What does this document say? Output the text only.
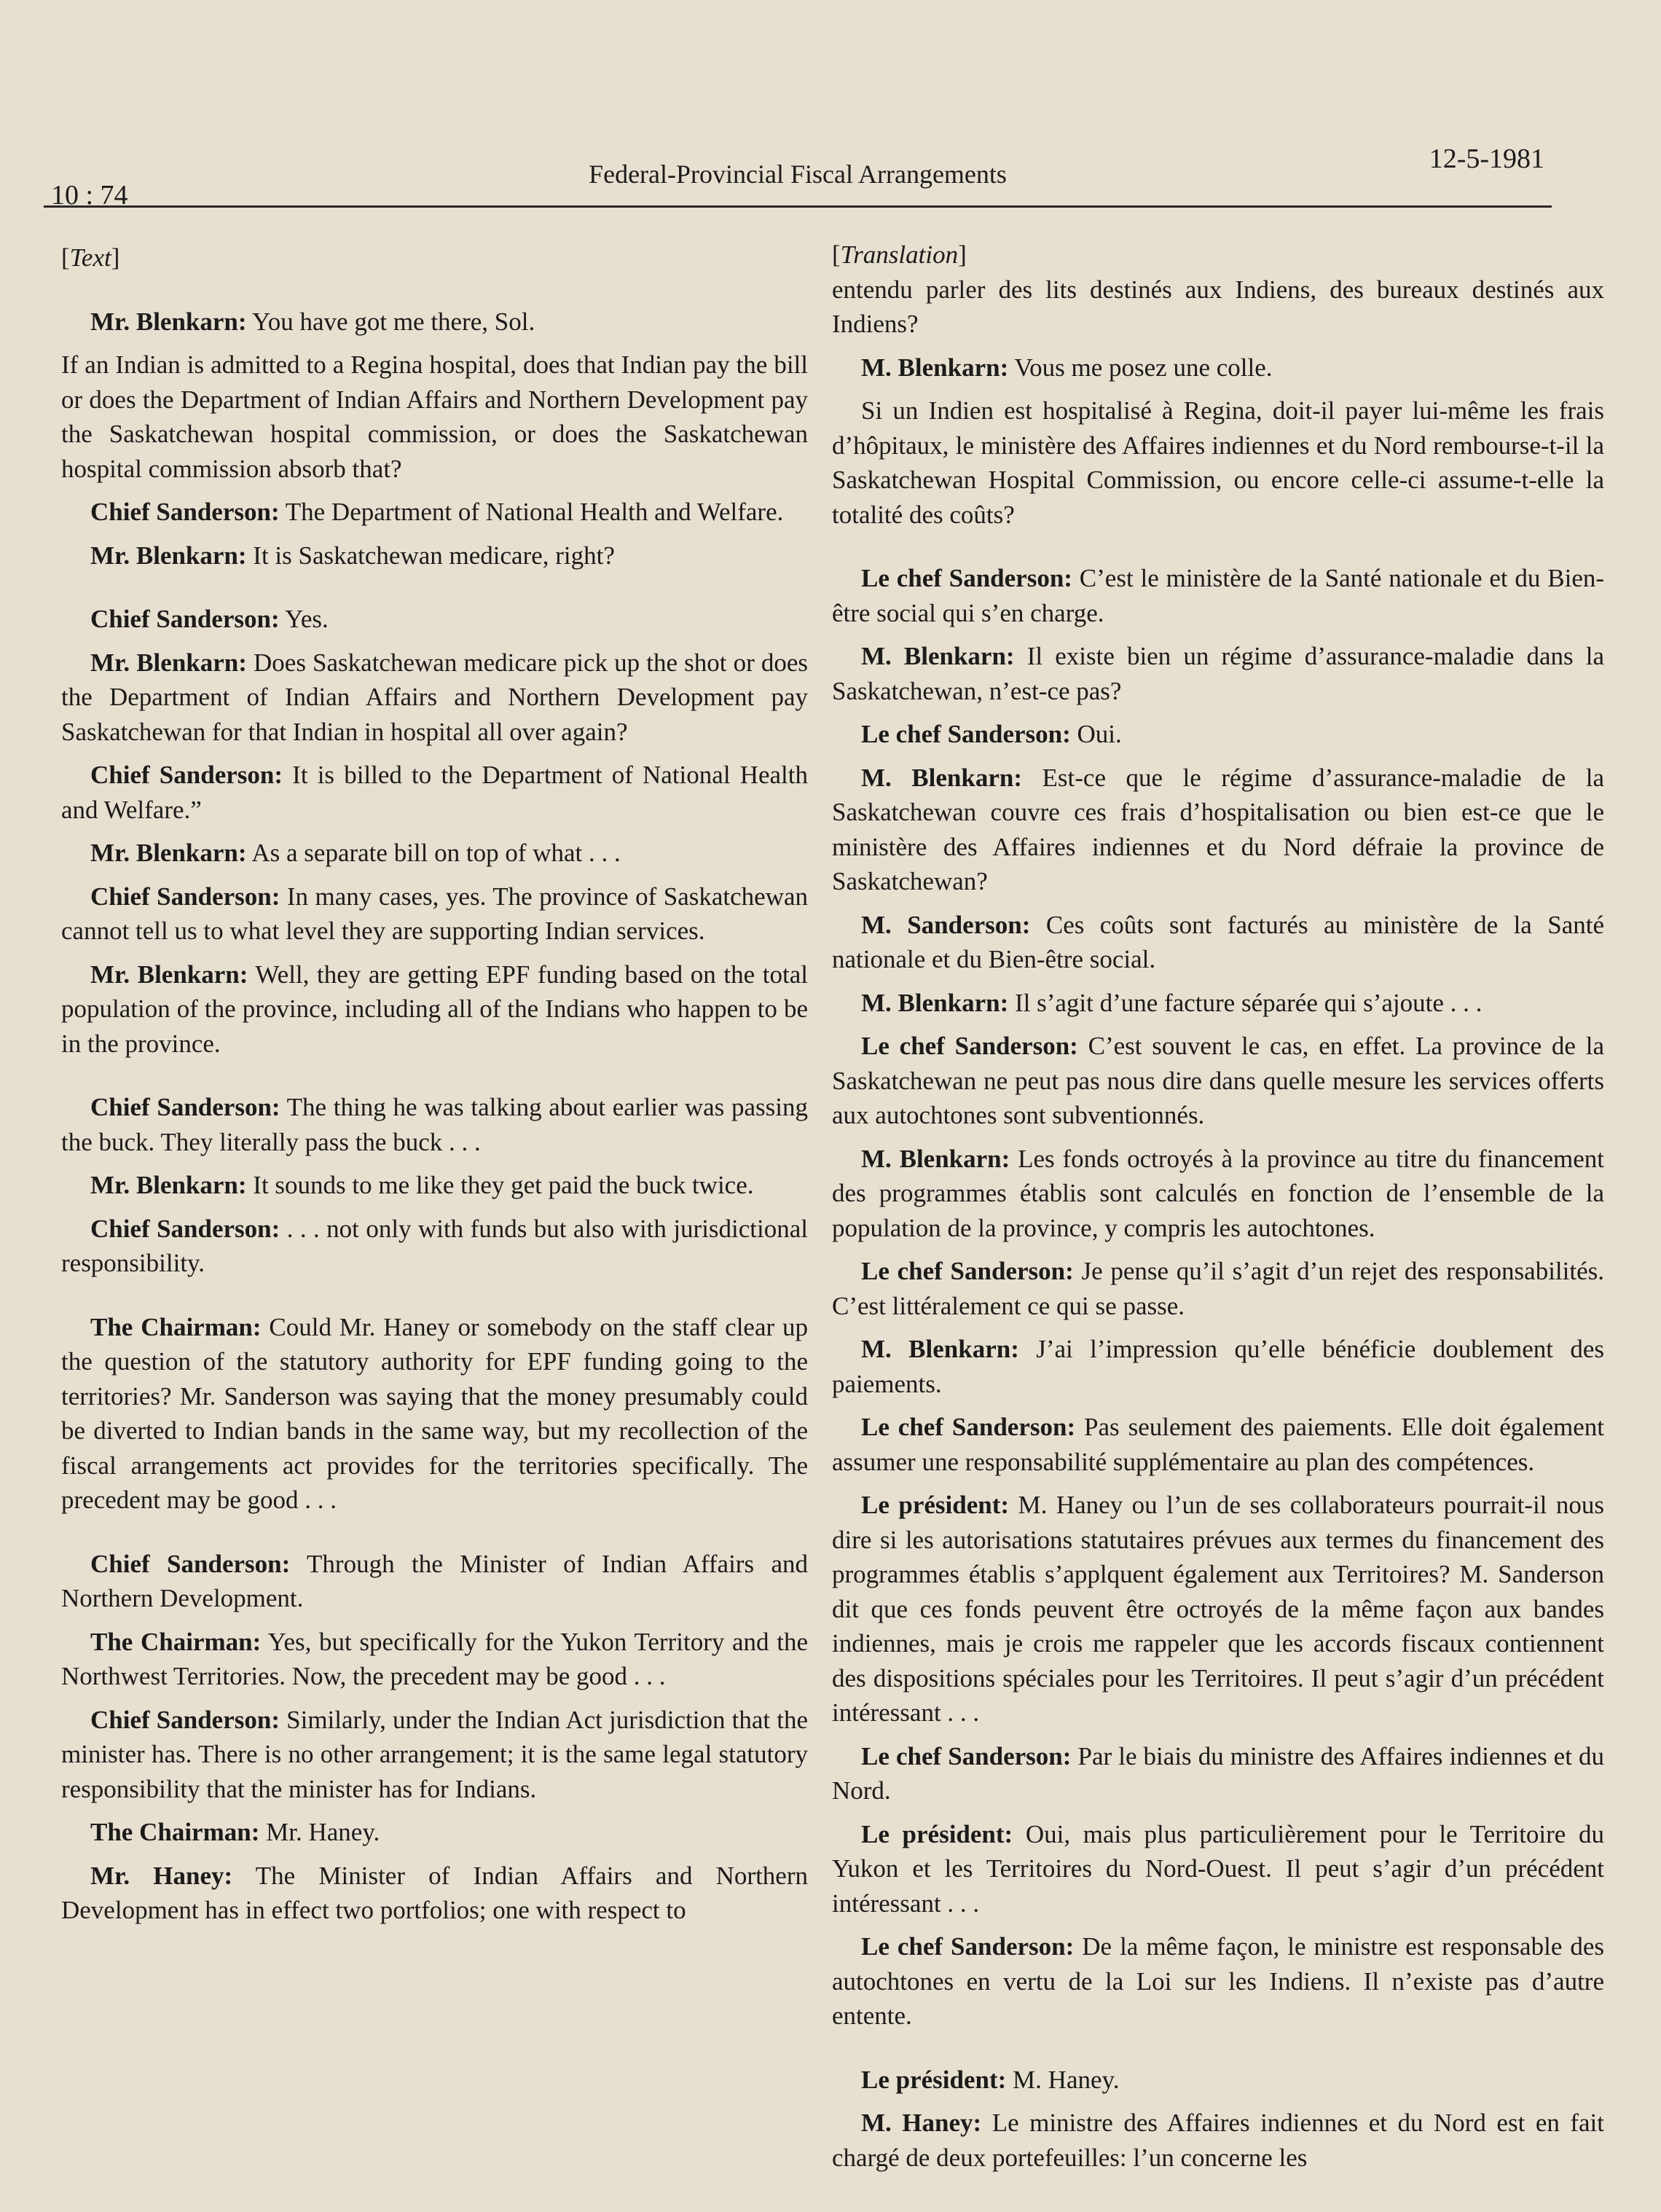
10 : 74
Federal-Provincial Fiscal Arrangements	12-5-1981
[Text]

Mr. Blenkarn: You have got me there, Sol.

If an Indian is admitted to a Regina hospital, does that Indian pay the bill or does the Department of Indian Affairs and Northern Development pay the Saskatchewan hospital commission, or does the Saskatchewan hospital commission absorb that?

Chief Sanderson: The Department of National Health and Welfare.

Mr. Blenkarn: It is Saskatchewan medicare, right?

Chief Sanderson: Yes.

Mr. Blenkarn: Does Saskatchewan medicare pick up the shot or does the Department of Indian Affairs and Northern Development pay Saskatchewan for that Indian in hospital all over again?

Chief Sanderson: It is billed to the Department of National Health and Welfare.”

Mr. Blenkarn: As a separate bill on top of what . . .

Chief Sanderson: In many cases, yes. The province of Saskatchewan cannot tell us to what level they are supporting Indian services.

Mr. Blenkarn: Well, they are getting EPF funding based on the total population of the province, including all of the Indians who happen to be in the province.

Chief Sanderson: The thing he was talking about earlier was passing the buck. They literally pass the buck . . .

Mr. Blenkarn: It sounds to me like they get paid the buck twice.

Chief Sanderson: . . . not only with funds but also with jurisdictional responsibility.

The Chairman: Could Mr. Haney or somebody on the staff clear up the question of the statutory authority for EPF funding going to the territories? Mr. Sanderson was saying that the money presumably could be diverted to Indian bands in the same way, but my recollection of the fiscal arrangements act provides for the territories specifically. The precedent may be good . . .

Chief Sanderson: Through the Minister of Indian Affairs and Northern Development.

The Chairman: Yes, but specifically for the Yukon Territory and the Northwest Territories. Now, the precedent may be good . . .

Chief Sanderson: Similarly, under the Indian Act jurisdiction that the minister has. There is no other arrangement; it is the same legal statutory responsibility that the minister has for Indians.

The Chairman: Mr. Haney.

Mr. Haney: The Minister of Indian Affairs and Northern Development has in effect two portfolios; one with respect to

[Translation]

entendu parler des lits destinés aux Indiens, des bureaux destinés aux Indiens?

M. Blenkarn: Vous me posez une colle.

Si un Indien est hospitalisé à Regina, doit-il payer lui-même les frais d’hôpitaux, le ministère des Affaires indiennes et du Nord rembourse-t-il la Saskatchewan Hospital Commission, ou encore celle-ci assume-t-elle la totalité des coûts?

Le chef Sanderson: C’est le ministère de la Santé nationale et du Bien-être social qui s’en charge.

M. Blenkarn: Il existe bien un régime d’assurance-maladie dans la Saskatchewan, n’est-ce pas?

Le chef Sanderson: Oui.

M. Blenkarn: Est-ce que le régime d’assurance-maladie de la Saskatchewan couvre ces frais d’hospitalisation ou bien est-ce que le ministère des Affaires indiennes et du Nord défraie la province de Saskatchewan?

M. Sanderson: Ces coûts sont facturés au ministère de la Santé nationale et du Bien-être social.

M. Blenkarn: Il s’agit d’une facture séparée qui s’ajoute . . .

Le chef Sanderson: C’est souvent le cas, en effet. La province de la Saskatchewan ne peut pas nous dire dans quelle mesure les services offerts aux autochtones sont subventionnés.

M. Blenkarn: Les fonds octroyés à la province au titre du financement des programmes établis sont calculés en fonction de l’ensemble de la population de la province, y compris les autochtones.

Le chef Sanderson: Je pense qu’il s’agit d’un rejet des responsabilités. C’est littéralement ce qui se passe.

M. Blenkarn: J’ai l’impression qu’elle bénéficie doublement des paiements.

Le chef Sanderson: Pas seulement des paiements. Elle doit également assumer une responsabilité supplémentaire au plan des compétences.

Le président: M. Haney ou l’un de ses collaborateurs pourrait-il nous dire si les autorisations statutaires prévues aux termes du financement des programmes établis s’applquent également aux Territoires? M. Sanderson dit que ces fonds peuvent être octroyés de la même façon aux bandes indiennes, mais je crois me rappeler que les accords fiscaux contiennent des dispositions spéciales pour les Territoires. Il peut s’agir d’un précédent intéressant . . .

Le chef Sanderson: Par le biais du ministre des Affaires indiennes et du Nord.

Le président: Oui, mais plus particulièrement pour le Territoire du Yukon et les Territoires du Nord-Ouest. Il peut s’agir d’un précédent intéressant . . .

Le chef Sanderson: De la même façon, le ministre est responsable des autochtones en vertu de la Loi sur les Indiens. Il n’existe pas d’autre entente.

Le président: M. Haney.

M. Haney: Le ministre des Affaires indiennes et du Nord est en fait chargé de deux portefeuilles: l’un concerne les
